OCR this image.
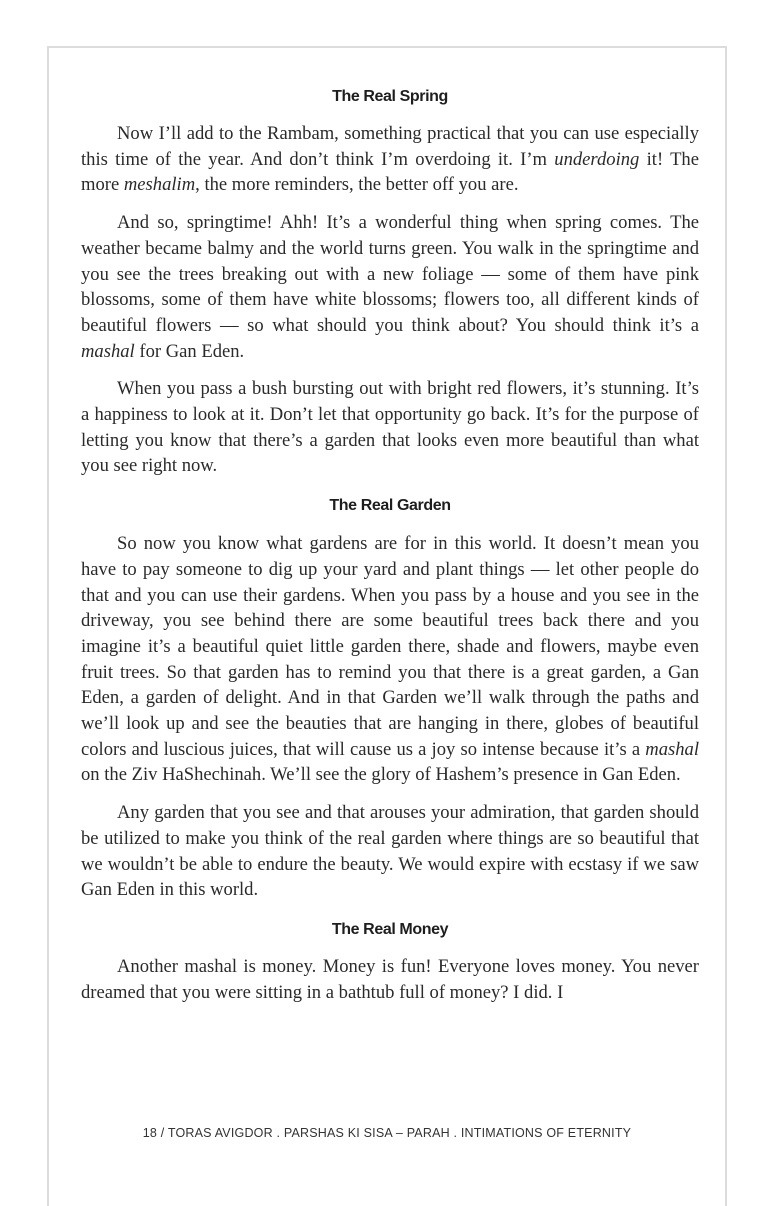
The Real Spring

Now I’ll add to the Rambam, something practical that you can use especially this time of the year. And don’t think I’m overdoing it. I’m underdoing it! The more meshalim, the more reminders, the better off you are.

And so, springtime! Ahh! It’s a wonderful thing when spring comes. The weather became balmy and the world turns green. You walk in the springtime and you see the trees breaking out with a new foliage — some of them have pink blossoms, some of them have white blossoms; flowers too, all different kinds of beautiful flowers — so what should you think about? You should think it’s a mashal for Gan Eden.

When you pass a bush bursting out with bright red flowers, it’s stunning. It’s a happiness to look at it. Don’t let that opportunity go back. It’s for the purpose of letting you know that there’s a garden that looks even more beautiful than what you see right now.

The Real Garden

So now you know what gardens are for in this world. It doesn’t mean you have to pay someone to dig up your yard and plant things — let other people do that and you can use their gardens. When you pass by a house and you see in the driveway, you see behind there are some beautiful trees back there and you imagine it’s a beautiful quiet little garden there, shade and flowers, maybe even fruit trees. So that garden has to remind you that there is a great garden, a Gan Eden, a garden of delight. And in that Garden we’ll walk through the paths and we’ll look up and see the beauties that are hanging in there, globes of beautiful colors and luscious juices, that will cause us a joy so intense because it’s a mashal on the Ziv HaShechinah. We’ll see the glory of Hashem’s presence in Gan Eden.

Any garden that you see and that arouses your admiration, that garden should be utilized to make you think of the real garden where things are so beautiful that we wouldn’t be able to endure the beauty. We would expire with ecstasy if we saw Gan Eden in this world.

The Real Money

Another mashal is money. Money is fun! Everyone loves money. You never dreamed that you were sitting in a bathtub full of money? I did. I

18 / TORAS AVIGDOR . PARSHAS KI SISA – PARAH . INTIMATIONS OF ETERNITY
